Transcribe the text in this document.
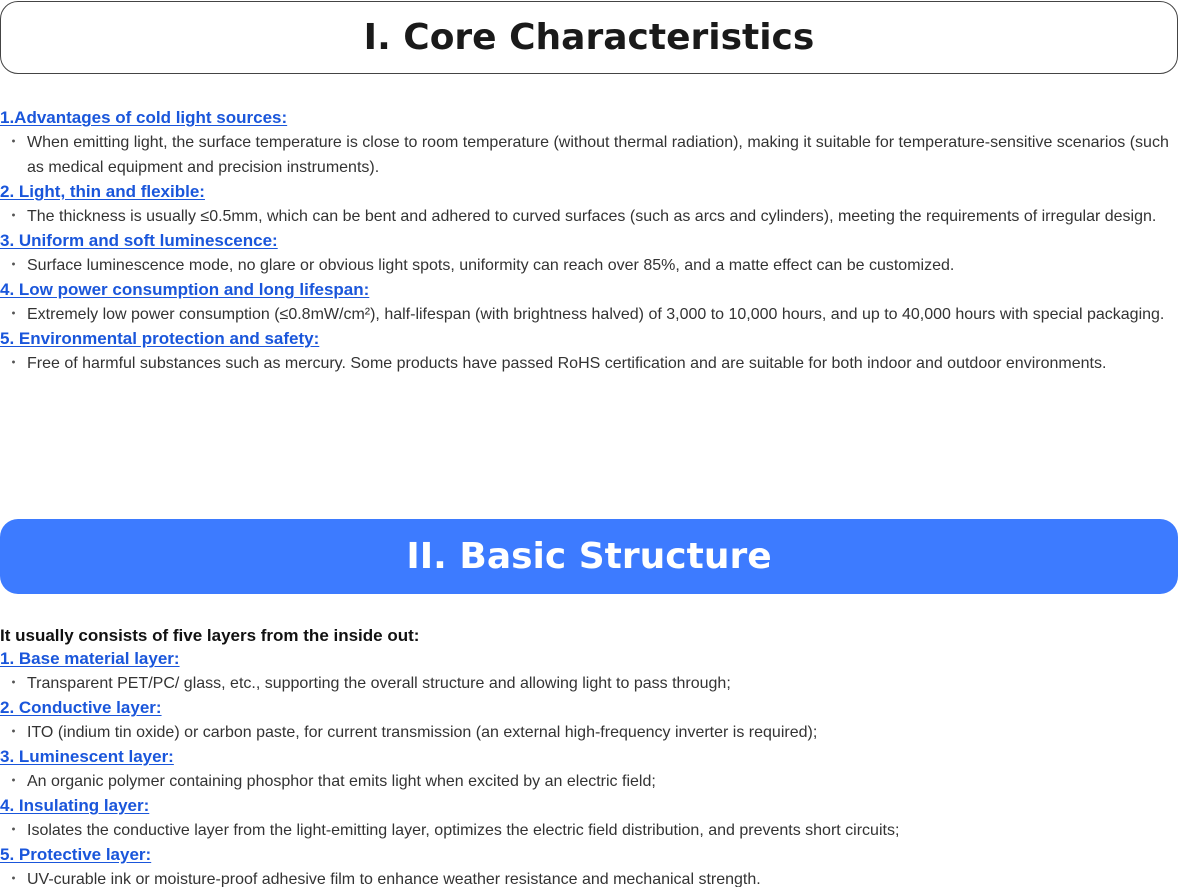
I. Core Characteristics
1.Advantages of cold light sources:
・ When emitting light, the surface temperature is close to room temperature (without thermal radiation), making it suitable for temperature-sensitive scenarios (such as medical equipment and precision instruments).
2. Light, thin and flexible:
・ The thickness is usually ≤0.5mm, which can be bent and adhered to curved surfaces (such as arcs and cylinders), meeting the requirements of irregular design.
3. Uniform and soft luminescence:
・ Surface luminescence mode, no glare or obvious light spots, uniformity can reach over 85%, and a matte effect can be customized.
4. Low power consumption and long lifespan:
・ Extremely low power consumption (≤0.8mW/cm²), half-lifespan (with brightness halved) of 3,000 to 10,000 hours, and up to 40,000 hours with special packaging.
5. Environmental protection and safety:
・ Free of harmful substances such as mercury. Some products have passed RoHS certification and are suitable for both indoor and outdoor environments.
II. Basic Structure
It usually consists of five layers from the inside out:
1. Base material layer:
・ Transparent PET/PC/ glass, etc., supporting the overall structure and allowing light to pass through;
2. Conductive layer:
・ ITO (indium tin oxide) or carbon paste, for current transmission (an external high-frequency inverter is required);
3. Luminescent layer:
・ An organic polymer containing phosphor that emits light when excited by an electric field;
4. Insulating layer:
・ Isolates the conductive layer from the light-emitting layer, optimizes the electric field distribution, and prevents short circuits;
5. Protective layer:
・ UV-curable ink or moisture-proof adhesive film to enhance weather resistance and mechanical strength.
